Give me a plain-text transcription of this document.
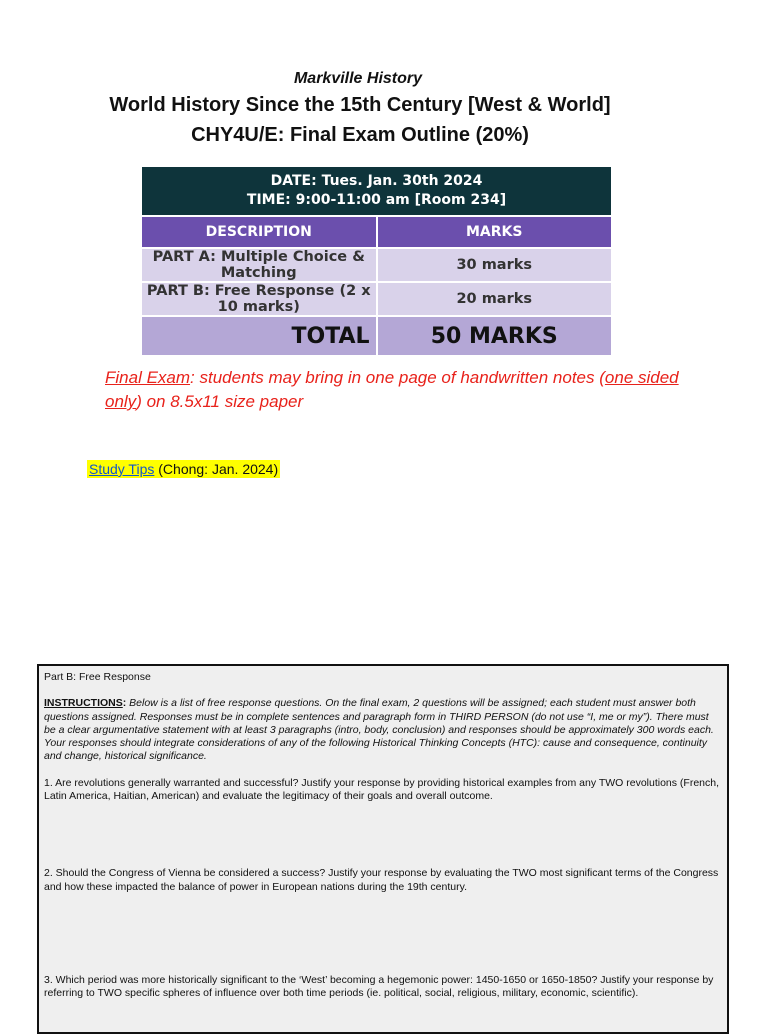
Markville History
World History Since the 15th Century [West & World]
CHY4U/E: Final Exam Outline (20%)
DATE: Tues. Jan. 30th 2024
TIME: 9:00-11:00 am [Room 234]	

DESCRIPTION	MARKS
PART A: Multiple Choice & Matching	30 marks
PART B: Free Response (2 x 10 marks)	20 marks
TOTAL	50 MARKS
Final Exam: students may bring in one page of handwritten notes (one sided only) on 8.5x11 size paper
Study Tips (Chong: Jan. 2024)

Part B: Free Response

INSTRUCTIONS: Below is a list of free response questions. On the final exam, 2 questions will be assigned; each student must answer both questions assigned. Responses must be in complete sentences and paragraph form in THIRD PERSON (do not use “I, me or my”). There must be a clear argumentative statement with at least 3 paragraphs (intro, body, conclusion) and responses should be approximately 300 words each. Your responses should integrate considerations of any of the following Historical Thinking Concepts (HTC): cause and consequence, continuity and change, historical significance.

1. Are revolutions generally warranted and successful? Justify your response by providing historical examples from any TWO revolutions (French, Latin America, Haitian, American) and evaluate the legitimacy of their goals and overall outcome.

2. Should the Congress of Vienna be considered a success? Justify your response by evaluating the TWO most significant terms of the Congress and how these impacted the balance of power in European nations during the 19th century.

3. Which period was more historically significant to the ‘West’ becoming a hegemonic power: 1450-1650 or 1650-1850? Justify your response by referring to TWO specific spheres of influence over both time periods (ie. political, social, religious, military, economic, scientific).
